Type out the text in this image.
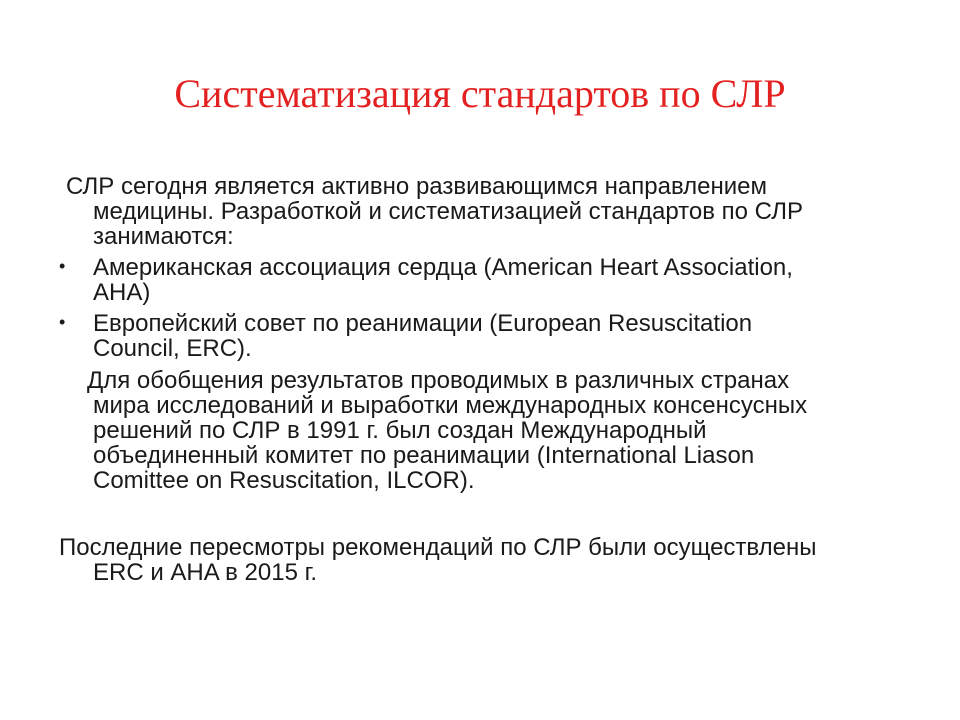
Систематизация стандартов по СЛР
СЛР сегодня является активно развивающимся направлением
медицины. Разработкой и систематизацией стандартов по СЛР
занимаются:
• Американская ассоциация сердца (American Heart Association,
AHA)
• Европейский совет по реанимации (European Resuscitation
Council, ERC).
Для обобщения результатов проводимых в различных странах
мира исследований и выработки международных консенсусных
решений по СЛР в 1991 г. был создан Международный
объединенный комитет по реанимации (International Liason
Comittee on Resuscitation, ILCOR).
Последние пересмотры рекомендаций по СЛР были осуществлены
ERC и AHA в 2015 г.
